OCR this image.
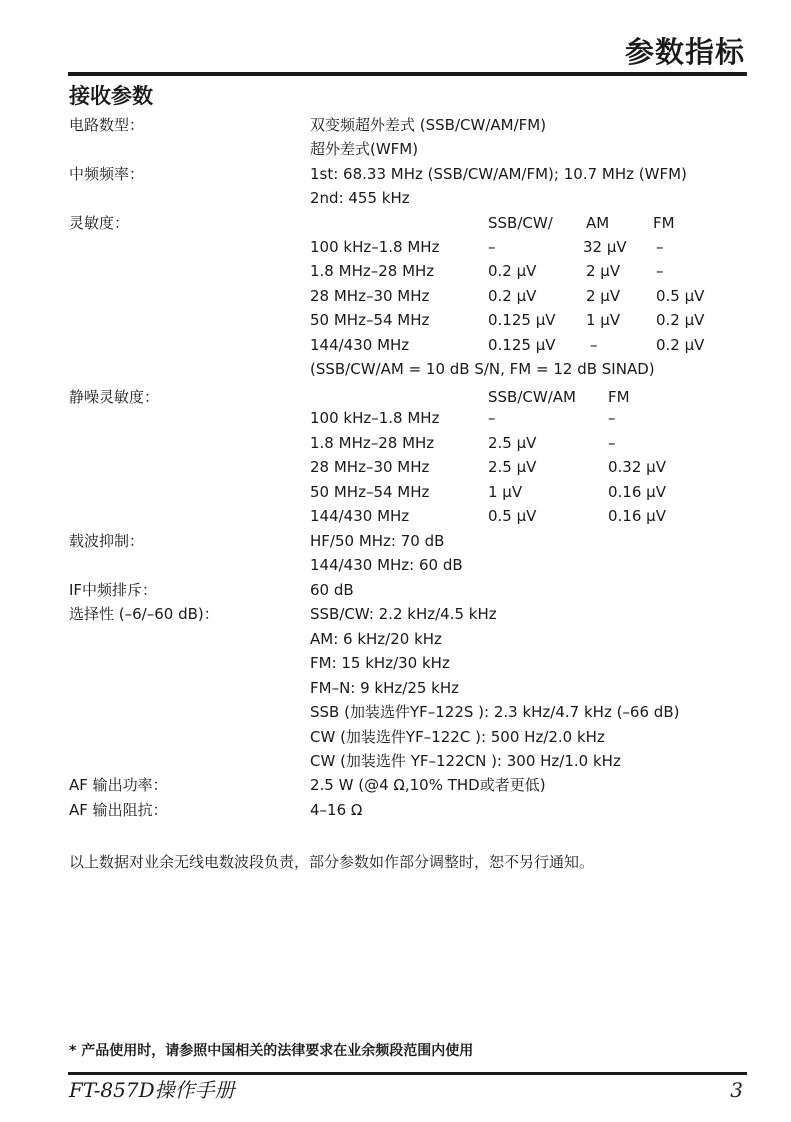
参数指标
接收参数
电路数型：	双变频超外差式 (SSB/CW/AM/FM)
超外差式(WFM)
中频频率：	1st: 68.33 MHz (SSB/CW/AM/FM); 10.7 MHz (WFM)
2nd: 455 kHz
灵敏度：	SSB/CW/ AM	FM
100 kHz–1.8 MHz	–	32 μV –
1.8 MHz–28 MHz	0.2 μV	2 μV –
28 MHz–30 MHz	0.2 μV	2 μV 0.5 μV
50 MHz–54 MHz	0.125 μV 1 μV 0.2 μV
144/430 MHz	0.125 μV –	0.2 μV
(SSB/CW/AM = 10 dB S/N, FM = 12 dB SINAD)
静噪灵敏度：	SSB/CW/AM FM
100 kHz–1.8 MHz	–	–
1.8 MHz–28 MHz	2.5 μV	–
28 MHz–30 MHz	2.5 μV	0.32 μV
50 MHz–54 MHz	1 μV	0.16 μV
144/430 MHz	0.5 μV	0.16 μV
载波抑制：	HF/50 MHz: 70 dB
144/430 MHz: 60 dB
IF中频排斥：	60 dB
选择性 (–6/–60 dB)：	SSB/CW: 2.2 kHz/4.5 kHz
AM: 6 kHz/20 kHz
FM: 15 kHz/30 kHz
FM–N: 9 kHz/25 kHz
SSB (加装选件YF–122S ): 2.3 kHz/4.7 kHz (–66 dB)
CW (加装选件YF–122C ): 500 Hz/2.0 kHz
CW (加装选件 YF–122CN ): 300 Hz/1.0 kHz
AF 输出功率：	2.5 W (@4 Ω,10% THD或者更低)
AF 输出阻抗：	4–16 Ω
以上数据对业余无线电数波段负责，部分参数如作部分调整时，恕不另行通知。
* 产品使用时，请参照中国相关的法律要求在业余频段范围内使用
FT-857D操作手册	3
